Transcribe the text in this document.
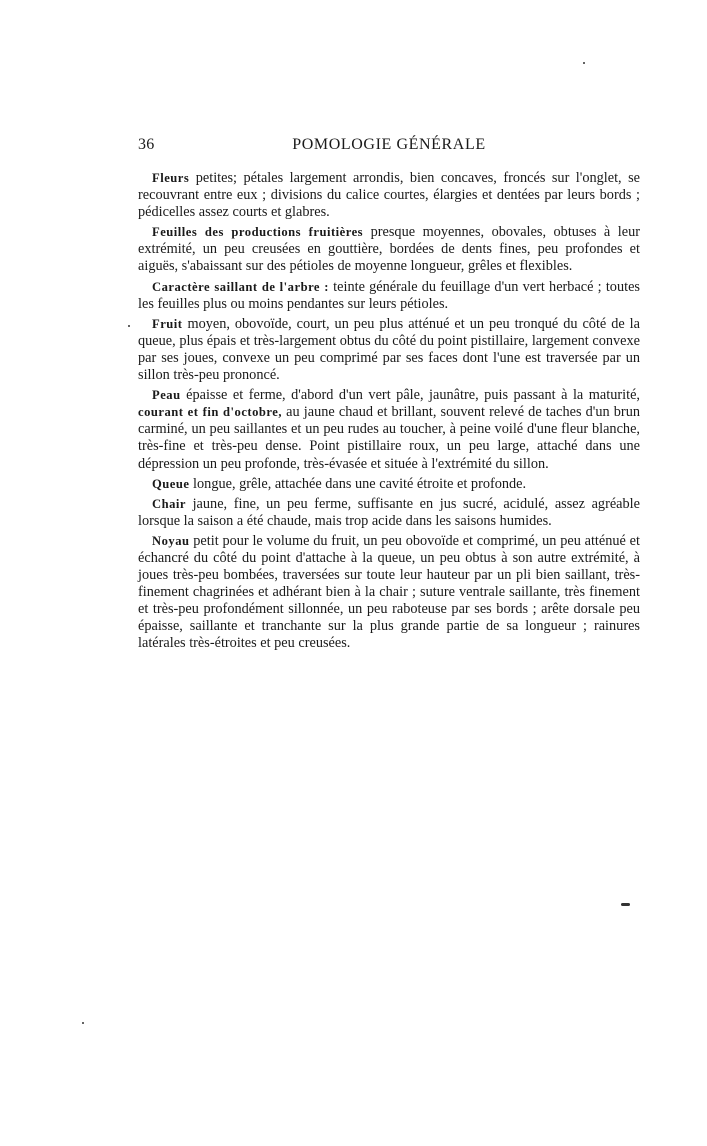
36	POMOLOGIE GÉNÉRALE

Fleurs petites; pétales largement arrondis, bien concaves, froncés sur l'onglet, se recouvrant entre eux ; divisions du calice courtes, élargies et dentées par leurs bords ; pédicelles assez courts et glabres.

Feuilles des productions fruitières presque moyennes, obovales, obtuses à leur extrémité, un peu creusées en gouttière, bordées de dents fines, peu profondes et aiguës, s'abaissant sur des pétioles de moyenne longueur, grêles et flexibles.

Caractère saillant de l'arbre : teinte générale du feuillage d'un vert herbacé ; toutes les feuilles plus ou moins pendantes sur leurs pétioles.

Fruit moyen, obovoïde, court, un peu plus atténué et un peu tronqué du côté de la queue, plus épais et très-largement obtus du côté du point pistillaire, largement convexe par ses joues, convexe un peu comprimé par ses faces dont l'une est traversée par un sillon très-peu prononcé.

Peau épaisse et ferme, d'abord d'un vert pâle, jaunâtre, puis passant à la maturité, courant et fin d'octobre, au jaune chaud et brillant, souvent relevé de taches d'un brun carminé, un peu saillantes et un peu rudes au toucher, à peine voilé d'une fleur blanche, très-fine et très-peu dense. Point pistillaire roux, un peu large, attaché dans une dépression un peu profonde, très-évasée et située à l'extrémité du sillon.

Queue longue, grêle, attachée dans une cavité étroite et profonde.

Chair jaune, fine, un peu ferme, suffisante en jus sucré, acidulé, assez agréable lorsque la saison a été chaude, mais trop acide dans les saisons humides.

Noyau petit pour le volume du fruit, un peu obovoïde et comprimé, un peu atténué et échancré du côté du point d'attache à la queue, un peu obtus à son autre extrémité, à joues très-peu bombées, traversées sur toute leur hauteur par un pli bien saillant, très-finement chagrinées et adhérant bien à la chair ; suture ventrale saillante, très finement et très-peu profondément sillonnée, un peu raboteuse par ses bords ; arête dorsale peu épaisse, saillante et tranchante sur la plus grande partie de sa longueur ; rainures latérales très-étroites et peu creusées.
